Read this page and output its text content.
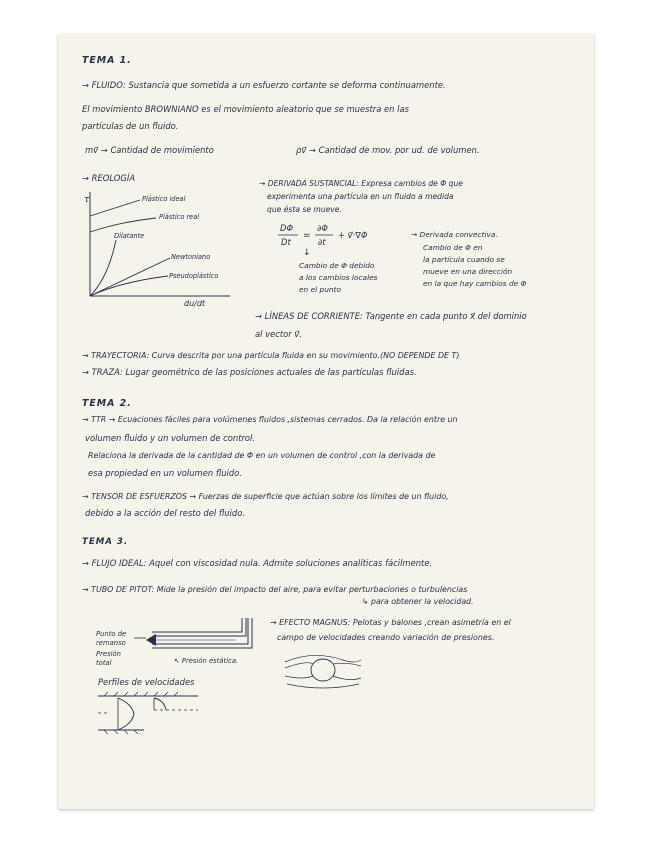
TEMA 1.
→ FLUIDO: Sustancia que sometida a un esfuerzo cortante se deforma continuamente.
El movimiento BROWNIANO es el movimiento aleatorio que se muestra en las
partículas de un fluido.
mv⃗ → Cantidad de movimiento	ρv⃗ → Cantidad de mov. por ud. de volumen.
→ REOLOGÍA
τ
du/dt
Plástico ideal
Plástico real
Dilatante
Newtoniano
Pseudoplástico
→ DERIVADA SUSTANCIAL: Expresa cambios de Φ que
experimenta una partícula en un fluido a medida
que ésta se mueve.
DΦ
Dt
=
∂Φ
∂t
+ v⃗·∇Φ	→ Derivada convectiva.
Cambio de Φ en
la partícula cuando se
mueve en una dirección
en la que hay cambios de Φ
↓
Cambio de Φ debido
a los cambios locales
en el punto
→ LÍNEAS DE CORRIENTE: Tangente en cada punto x⃗ del dominio
al vector v⃗.
→ TRAYECTORIA: Curva descrita por una partícula fluida en su movimiento.(NO DEPENDE DE T)
→ TRAZA: Lugar geométrico de las posiciones actuales de las partículas fluidas.
TEMA 2.
→ TTR → Ecuaciones fáciles para volúmenes fluidos ,sistemas cerrados. Da la relación entre un
volumen fluido y un volumen de control.
Relaciona la derivada de la cantidad de Φ en un volumen de control ,con la derivada de
esa propiedad en un volumen fluido.
→ TENSOR DE ESFUERZOS → Fuerzas de superficie que actúan sobre los límites de un fluido,
debido a la acción del resto del fluido.
TEMA 3.
→ FLUJO IDEAL: Aquel con viscosidad nula. Admite soluciones analíticas fácilmente.
→ TUBO DE PITOT: Mide la presión del impacto del aire, para evitar perturbaciones o turbulencias
↳ para obtener la velocidad.
Punto de
remanso
Presión
total	↖ Presión estática.
→ EFECTO MAGNUS: Pelotas y balones ,crean asimetría en el
campo de velocidades creando variación de presiones.
Perfiles de velocidades
